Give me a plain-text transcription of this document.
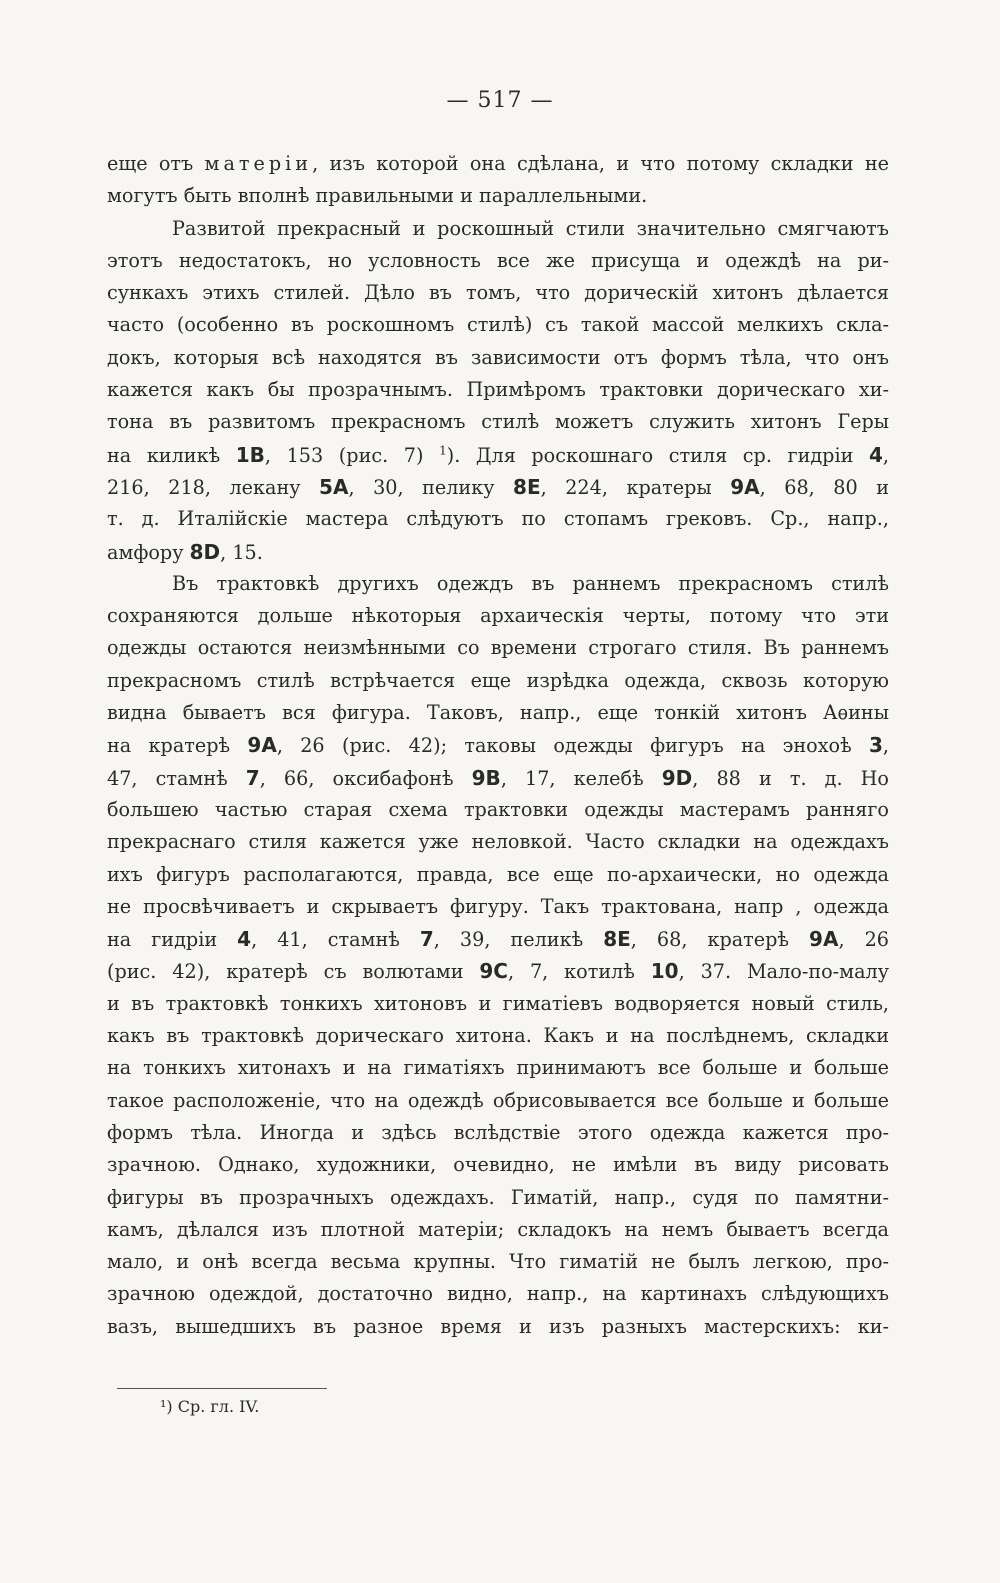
— 517 —
еще отъ матеріи, изъ которой она сдѣлана, и что потому складки не
могутъ быть вполнѣ правильными и параллельными.
Развитой прекрасный и роскошный стили значительно смягчаютъ
этотъ недостатокъ, но условность все же присуща и одеждѣ на ри-
сункахъ этихъ стилей. Дѣло въ томъ, что дорическій хитонъ дѣлается
часто (особенно въ роскошномъ стилѣ) съ такой массой мелкихъ скла-
докъ, которыя всѣ находятся въ зависимости отъ формъ тѣла, что онъ
кажется какъ бы прозрачнымъ. Примѣромъ трактовки дорическаго хи-
тона въ развитомъ прекрасномъ стилѣ можетъ служить хитонъ Геры
на киликѣ 1B, 153 (рис. 7) $^1$). Для роскошнаго стиля ср. гидріи 4,
216, 218, лекану 5A, 30, пелику 8E, 224, кратеры 9A, 68, 80 и
т. д. Италійскіе мастера слѣдуютъ по стопамъ грековъ. Ср., напр.,
амфору 8D, 15.
Въ трактовкѣ другихъ одеждъ въ раннемъ прекрасномъ стилѣ
сохраняются дольше нѣкоторыя архаическія черты, потому что эти
одежды остаются неизмѣнными со времени строгаго стиля. Въ раннемъ
прекрасномъ стилѣ встрѣчается еще изрѣдка одежда, сквозь которую
видна бываетъ вся фигура. Таковъ, напр., еще тонкій хитонъ Аѳины
на кратерѣ 9A, 26 (рис. 42); таковы одежды фигуръ на энохоѣ 3,
47, стамнѣ 7, 66, оксибафонѣ 9B, 17, келебѣ 9D, 88 и т. д. Но
большею частью старая схема трактовки одежды мастерамъ ранняго
прекраснаго стиля кажется уже неловкой. Часто складки на одеждахъ
ихъ фигуръ располагаются, правда, все еще по-архаически, но одежда
не просвѣчиваетъ и скрываетъ фигуру. Такъ трактована, напр , одежда
на гидріи 4, 41, стамнѣ 7, 39, пеликѣ 8E, 68, кратерѣ 9A, 26
(рис. 42), кратерѣ съ волютами 9C, 7, котилѣ 10, 37. Мало-по-малу
и въ трактовкѣ тонкихъ хитоновъ и гиматіевъ водворяется новый стиль,
какъ въ трактовкѣ дорическаго хитона. Какъ и на послѣднемъ, складки
на тонкихъ хитонахъ и на гиматіяхъ принимаютъ все больше и больше
такое расположеніе, что на одеждѣ обрисовывается все больше и больше
формъ тѣла. Иногда и здѣсь вслѣдствіе этого одежда кажется про-
зрачною. Однако, художники, очевидно, не имѣли въ виду рисовать
фигуры въ прозрачныхъ одеждахъ. Гиматій, напр., судя по памятни-
камъ, дѣлался изъ плотной матеріи; складокъ на немъ бываетъ всегда
мало, и онѣ всегда весьма крупны. Что гиматій не былъ легкою, про-
зрачною одеждой, достаточно видно, напр., на картинахъ слѣдующихъ
вазъ, вышедшихъ въ разное время и изъ разныхъ мастерскихъ: ки-
¹) Ср. гл. IV.
